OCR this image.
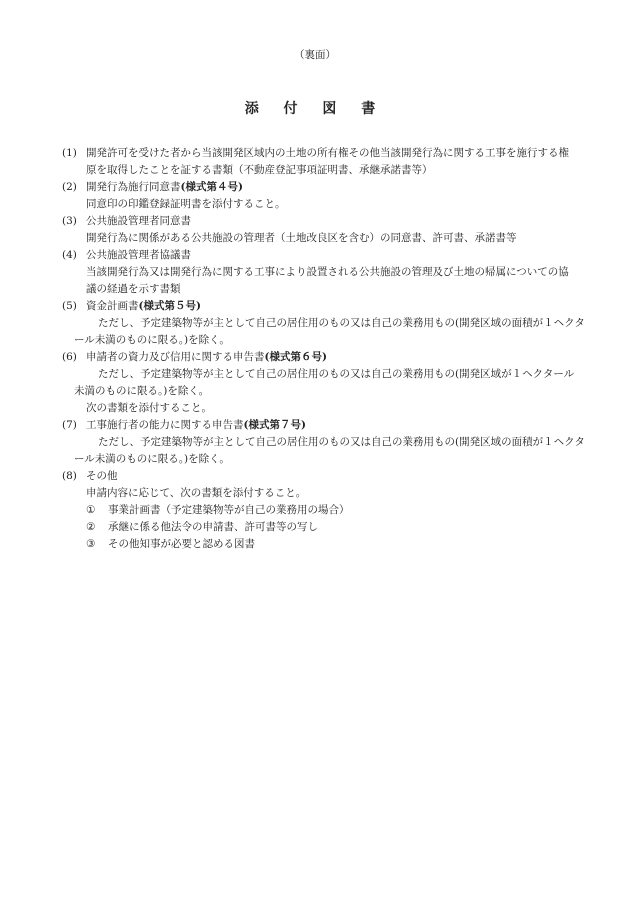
（裏面）
添 付 図 書
(1) 開発許可を受けた者から当該開発区域内の土地の所有権その他当該開発行為に関する工事を施行する権
原を取得したことを証する書類（不動産登記事項証明書、承継承諾書等）
(2) 開発行為施行同意書(様式第４号)
同意印の印鑑登録証明書を添付すること。
(3) 公共施設管理者同意書
開発行為に関係がある公共施設の管理者（土地改良区を含む）の同意書、許可書、承諾書等
(4) 公共施設管理者協議書
当該開発行為又は開発行為に関する工事により設置される公共施設の管理及び土地の帰属についての協
議の経過を示す書類
(5) 資金計画書(様式第５号)
ただし、予定建築物等が主として自己の居住用のもの又は自己の業務用もの(開発区域の面積が１ヘクタ
ール未満のものに限る。)を除く。
(6) 申請者の資力及び信用に関する申告書(様式第６号)
ただし、予定建築物等が主として自己の居住用のもの又は自己の業務用もの(開発区域が１ヘクタール
未満のものに限る。)を除く。
次の書類を添付すること。
(7) 工事施行者の能力に関する申告書(様式第７号)
ただし、予定建築物等が主として自己の居住用のもの又は自己の業務用もの(開発区域の面積が１ヘクタ
ール未満のものに限る。)を除く。
(8) その他
申請内容に応じて、次の書類を添付すること。
①	事業計画書（予定建築物等が自己の業務用の場合）
②	承継に係る他法令の申請書、許可書等の写し
③	その他知事が必要と認める図書
